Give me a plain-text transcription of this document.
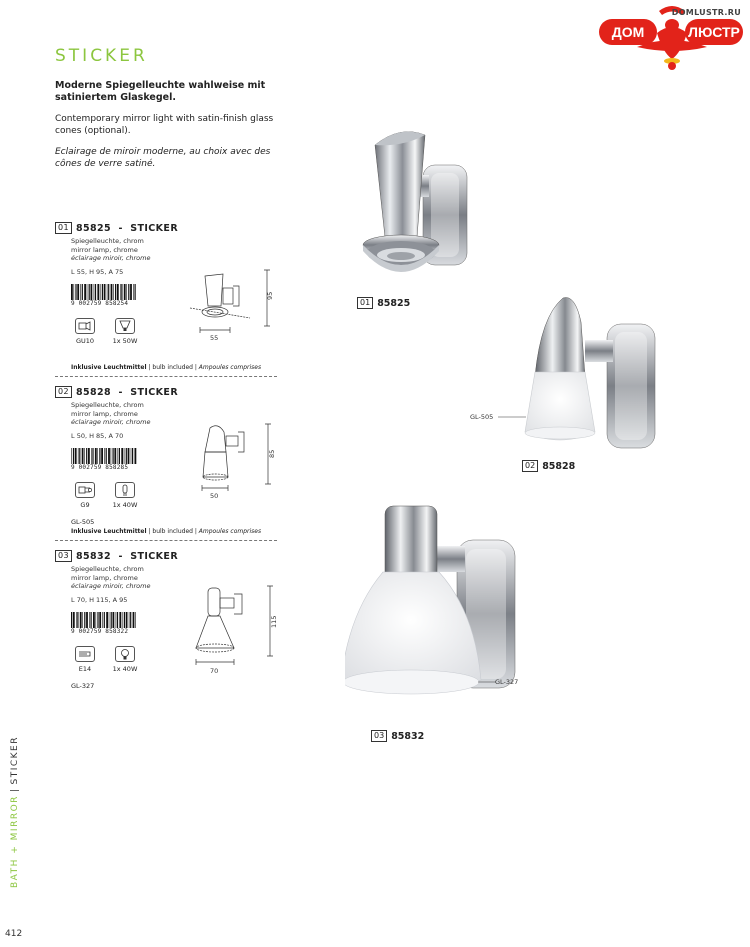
ДОМ	ЛЮСТР
DOMLUSTR.RU
STICKER

Moderne Spiegelleuchte wahlweise mit satiniertem Glaskegel.

Contemporary mirror light with satin-finish glass cones (optional).

Eclairage de miroir moderne, au choix avec des cônes de verre satiné.

01 85825
-
STICKER
Spiegelleuchte, chrom
mirror lamp, chrome
éclairage miroir, chrome
L 55, H 95, A 75
9 002759 858254
GU10	1x 50W
Inklusive Leuchtmittel | bulb included | Ampoules comprises
02 85828
-
STICKER
Spiegelleuchte, chrom
mirror lamp, chrome
éclairage miroir, chrome
L 50, H 85, A 70
9 002759 858285
G9	1x 40W
GL-505
Inklusive Leuchtmittel | bulb included | Ampoules comprises
03 85832
-
STICKER
Spiegelleuchte, chrom
mirror lamp, chrome
éclairage miroir, chrome
L 70, H 115, A 95
9 002759 858322
E14	1x 40W
GL-327
95
55
85
50
115
70
01 85825
GL-505
02 85828
GL-327
03 85832
BATH + MIRROR|STICKER
412
